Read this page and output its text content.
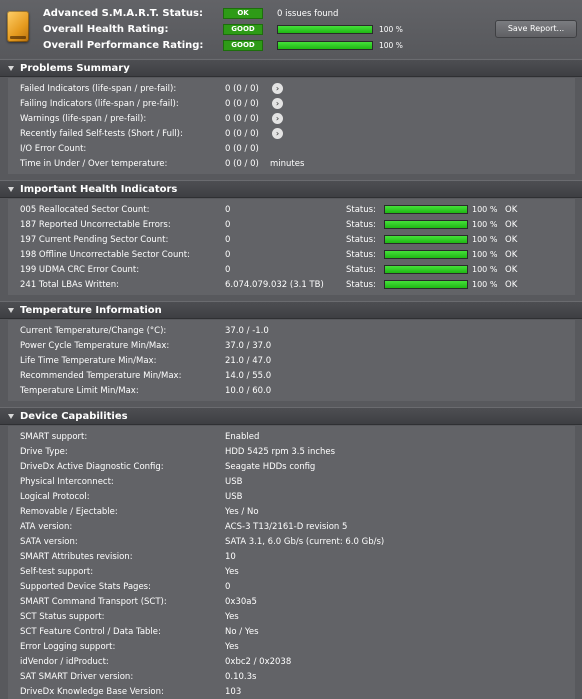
Advanced S.M.A.R.T. Status:	OK	0 issues found
Overall Health Rating:	GOOD	100 %
Overall Performance Rating:	GOOD	100 %
Save Report...
Problems Summary
Failed Indicators (life-span / pre-fail):	0 (0 / 0)	›
Failing Indicators (life-span / pre-fail):	0 (0 / 0)	›
Warnings (life-span / pre-fail):	0 (0 / 0)	›
Recently failed Self-tests (Short / Full):	0 (0 / 0)	›
I/O Error Count:	0 (0 / 0)
Time in Under / Over temperature:	0 (0 / 0) minutes
Important Health Indicators
005 Reallocated Sector Count:	0	Status:	100 % OK
187 Reported Uncorrectable Errors:	0	Status:	100 % OK
197 Current Pending Sector Count:	0	Status:	100 % OK
198 Offline Uncorrectable Sector Count:	0	Status:	100 % OK
199 UDMA CRC Error Count:	0	Status:	100 % OK
241 Total LBAs Written:	6.074.079.032 (3.1 TB)	Status:	100 % OK
Temperature Information
Current Temperature/Change (°C):	37.0 / -1.0
Power Cycle Temperature Min/Max:	37.0 / 37.0
Life Time Temperature Min/Max:	21.0 / 47.0
Recommended Temperature Min/Max:	14.0 / 55.0
Temperature Limit Min/Max:	10.0 / 60.0
Device Capabilities
SMART support:	Enabled
Drive Type:	HDD 5425 rpm 3.5 inches
DriveDx Active Diagnostic Config:	Seagate HDDs config
Physical Interconnect:	USB
Logical Protocol:	USB
Removable / Ejectable:	Yes / No
ATA version:	ACS-3 T13/2161-D revision 5
SATA version:	SATA 3.1, 6.0 Gb/s (current: 6.0 Gb/s)
SMART Attributes revision:	10
Self-test support:	Yes
Supported Device Stats Pages:	0
SMART Command Transport (SCT):	0x30a5
SCT Status support:	Yes
SCT Feature Control / Data Table:	No / Yes
Error Logging support:	Yes
idVendor / idProduct:	0xbc2 / 0x2038
SAT SMART Driver version:	0.10.3s
DriveDx Knowledge Base Version:	103
